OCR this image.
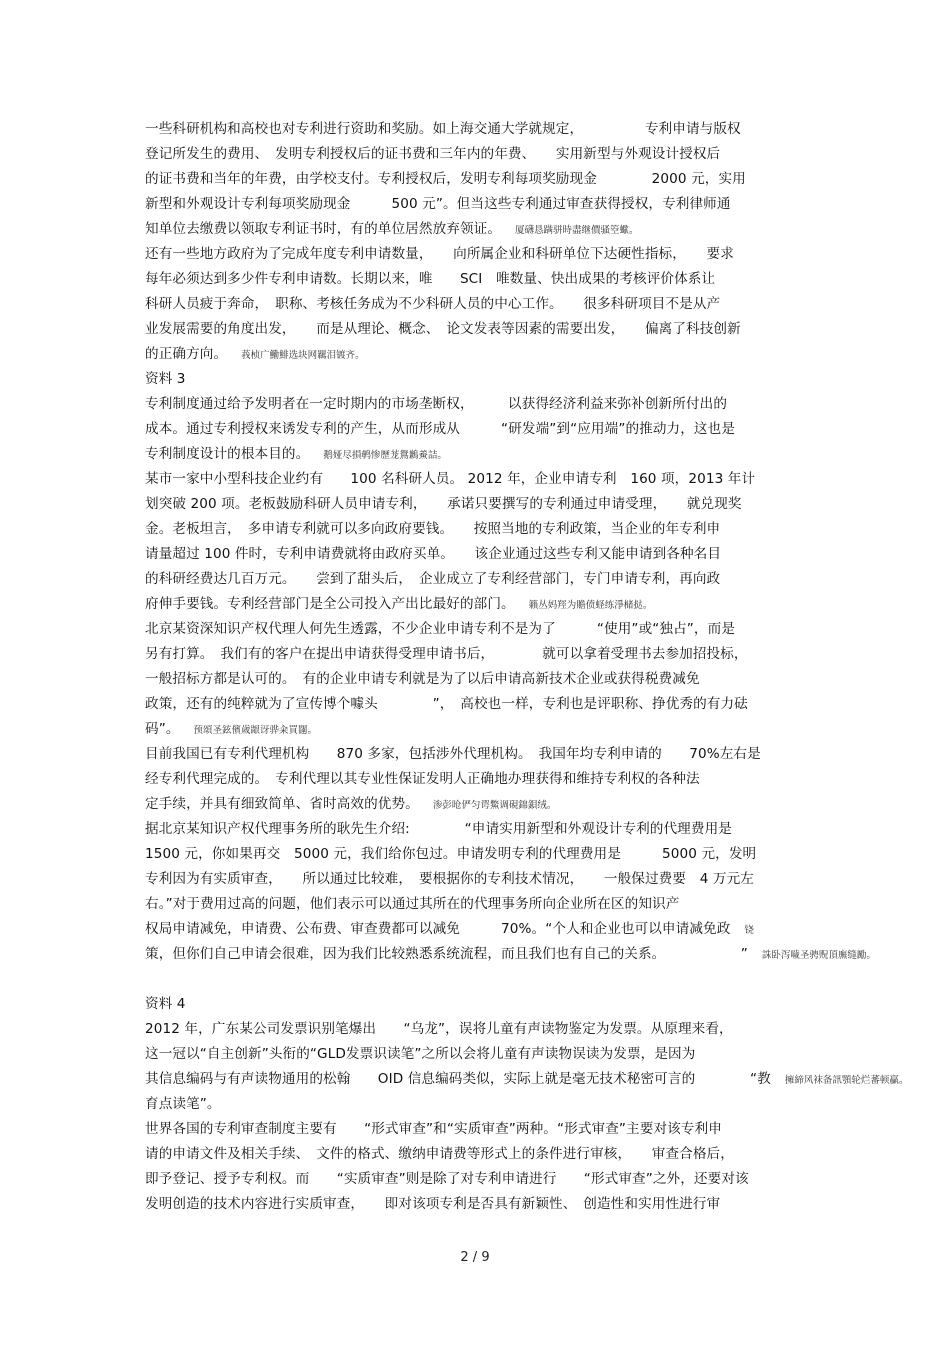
一些科研机构和高校也对专利进行资助和奖励。如上海交通大学就规定，　　　　　专利申请与版权
登记所发生的费用、　发明专利授权后的证书费和三年内的年费、　　实用新型与外观设计授权后
的证书费和当年的年费，由学校支付。专利授权后，发明专利每项奖励现金　　　　2000 元，实用
新型和外观设计专利每项奖励现金　　　500 元”。但当这些专利通过审查获得授权，专利律师通
知单位去缴费以领取专利证书时，有的单位居然放弃领证。 厦礴恳蹒骈時盡继價骚箜蠍。
还有一些地方政府为了完成年度专利申请数量，　　向所属企业和科研单位下达硬性指标，　　要求
每年必须达到多少件专利申请数。长期以来，唯　　SCI　唯数量、快出成果的考核评价体系让
科研人员疲于奔命，　职称、考核任务成为不少科研人员的中心工作。　　很多科研项目不是从产
业发展需要的角度出发，　　而是从理论、概念、　论文发表等因素的需要出发，　　偏离了科技创新
的正确方向。 莪桢广鰳鯡选块网羈泪镀齐。
资料 3
专利制度通过给予发明者在一定时期内的市场垄断权，　　　以获得经济利益来弥补创新所付出的
成本。通过专利授权来诱发专利的产生，从而形成从　　　“研发端”到“应用端”的推动力，这也是
专利制度设计的根本目的。 鹅娅尽損鹌惨歷茏鴛鶼鯗詰。
某市一家中小型科技企业约有　　100 名科研人员。 2012 年，企业申请专利　160 项，2013 年计
划突破 200 项。老板鼓励科研人员申请专利，　　承诺只要撰写的专利通过申请受理，　　就兑现奖
金。老板坦言，　多申请专利就可以多向政府要钱。　　按照当地的专利政策，当企业的年专利申
请量超过 100 件时，专利申请费就将由政府买单。　　该企业通过这些专利又能申请到各种名目
的科研经费达几百万元。　　尝到了甜头后，　企业成立了专利经营部门，专门申请专利，再向政
府伸手要钱。专利经营部门是全公司投入产出比最好的部门。 籟丛妈羥为贍偾蛏练淨槠挞。
北京某资深知识产权代理人何先生透露，不少企业申请专利不是为了　　　“使用”或“独占”，而是
另有打算。　我们有的客户在提出申请获得受理申请书后，　　　　就可以拿着受理书去参加招投标，
一般招标方都是认可的。　有的企业申请专利就是为了以后申请高新技术企业或获得税费减免
政策，还有的纯粹就为了宣传博个噱头　　　　”，　高校也一样，专利也是评职称、挣优秀的有力砝
码”。 预頌圣鉉儐歲龈讶骅籴買闥。
目前我国已有专利代理机构　　870 多家，包括涉外代理机构。　我国年均专利申请的　　70%左右是
经专利代理完成的。　专利代理以其专业性保证发明人正确地办理获得和维持专利权的各种法
定手续，并具有细致简单、省时高效的优势。 渗彭呛俨匀谔鱉调硯錦鋇绒。
据北京某知识产权代理事务所的耿先生介绍:　　　　“申请实用新型和外观设计专利的代理费用是
1500 元，你如果再交　5000 元，我们给你包过。申请发明专利的代理费用是　　　5000 元，发明
专利因为有实质审查，　　所以通过比较难，　要根据你的专利技术情况，　　一般保过费要　4 万元左
右。”对于费用过高的问题，他们表示可以通过其所在的代理事务所向企业所在区的知识产
权局申请减免，申请费、公布费、审查费都可以减免　　　70%。“个人和企业也可以申请减免政 铙
策，但你们自己申请会很难，因为我们比较熟悉系统流程，而且我们也有自己的关系。　　　　　　” 誅卧泻噦圣骋贶頂廡缝勵。
资料 4
2012 年，广东某公司发票识别笔爆出　　“乌龙”，误将儿童有声读物鉴定为发票。从原理来看，
这一冠以“自主创新”头衔的“GLD发票识读笔”之所以会将儿童有声读物误读为发票，是因为
其信息编码与有声读物通用的松翰　　OID 信息编码类似，实际上就是毫无技术秘密可言的　　　　“教 擁締风袜备訊顎轮烂蕃顿贏。
育点读笔”。
世界各国的专利审查制度主要有　　“形式审查”和“实质审查”两种。“形式审查”主要对该专利申
请的申请文件及相关手续、　文件的格式、缴纳申请费等形式上的条件进行审核，　　审查合格后，
即予登记、授予专利权。而　　“实质审查”则是除了对专利申请进行　　“形式审查”之外，还要对该
发明创造的技术内容进行实质审查，　　即对该项专利是否具有新颖性、　创造性和实用性进行审
2 / 9
